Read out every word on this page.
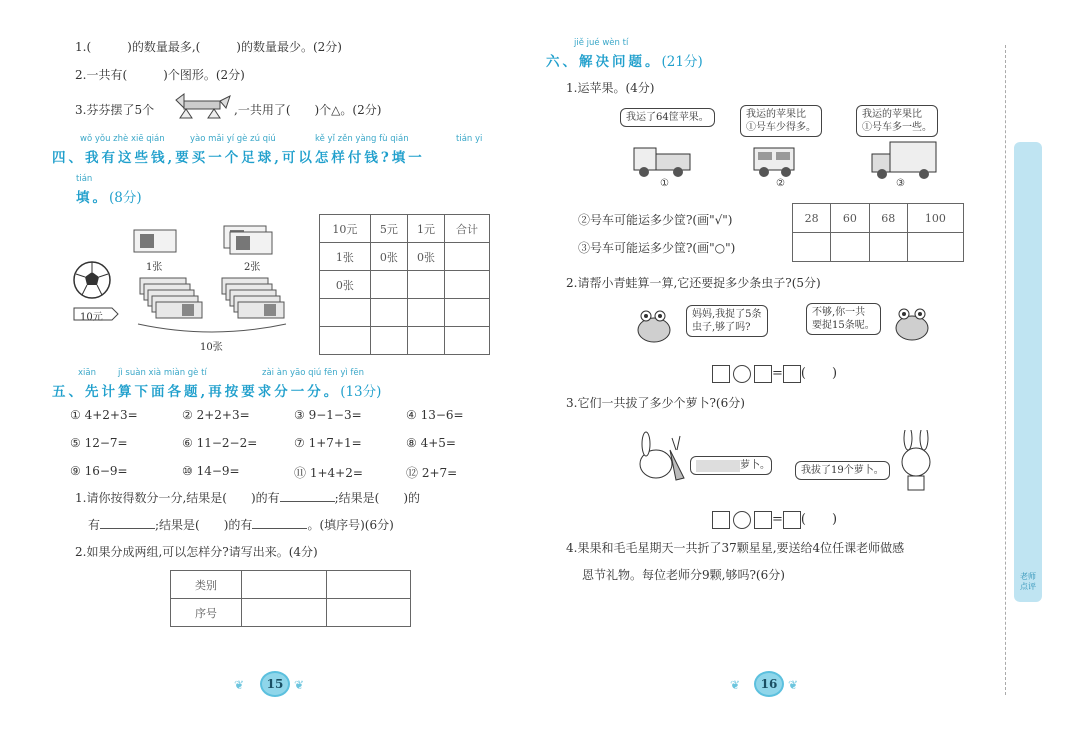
1.(　　　)的数量最多,(　　　)的数量最少。(2分)
2.一共有(　　　)个图形。(2分)
3.芬芬摆了5个	,一共用了(　　)个△。(2分)
wǒ yǒu zhè xiē qián	yào mǎi yí gè zú qiú	kě yǐ zěn yàng fù qián	tián yi
四、我有这些钱,要买一个足球,可以怎样付钱?填一
tián
填。(8分)
1张	2张
10元
10张
10元	5元	1元	合计
1张	0张	0张	
0张			

xiān	jì suàn xià miàn gè tí	zài àn yāo qiú fēn yì fēn
五、先计算下面各题,再按要求分一分。(13分)
① 4+2+3=	② 2+2+3=	③ 9−1−3=	④ 13−6=
⑤ 12−7=	⑥ 11−2−2=	⑦ 1+7+1=	⑧ 4+5=
⑨ 16−9=	⑩ 14−9=	⑪ 1+4+2=	⑫ 2+7=
1.请你按得数分一分,结果是(　　)的有	;结果是(　　)的
有	;结果是(　　)的有	。(填序号)(6分)
2.如果分成两组,可以怎样分?请写出来。(4分)
类别		
序号		
❦	15 ❦
jiě jué wèn tí
六、解决问题。(21分)
1.运苹果。(4分)
我运了64筐苹果。	我运的苹果比
①号车少得多。
我运的苹果比
①号车多一些。
①	②	③
②号车可能运多少筐?(画"√")
③号车可能运多少筐?(画"○")
28	60	68	100

2.请帮小青蛙算一算,它还要捉多少条虫子?(5分)
妈妈,我捉了5条
虫子,够了吗?
不够,你一共
要捉15条呢。
= (　　)
3.它们一共拔了多少个萝卜?(6分)
萝卜。	我拔了19个萝卜。
= (　　)
4.果果和毛毛星期天一共折了37颗星星,要送给4位任课老师做感
恩节礼物。每位老师分9颗,够吗?(6分)
❦	16 ❦
老师点评
